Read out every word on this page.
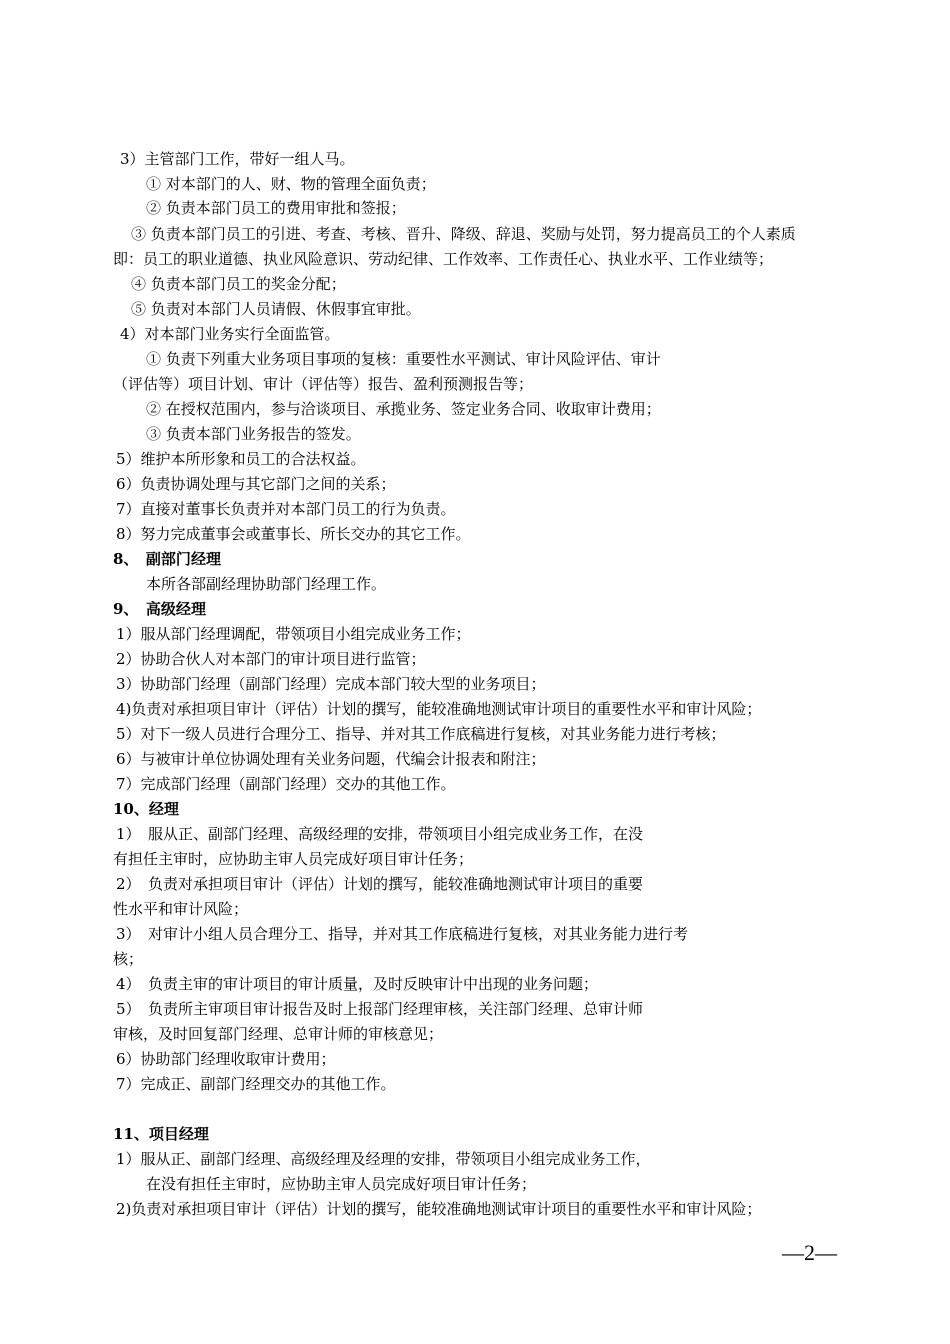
3）主管部门工作，带好一组人马。
① 对本部门的人、财、物的管理全面负责；
② 负责本部门员工的费用审批和签报；
③ 负责本部门员工的引进、考查、考核、晋升、降级、辞退、奖励与处罚，努力提高员工的个人素质
即：员工的职业道德、执业风险意识、劳动纪律、工作效率、工作责任心、执业水平、工作业绩等；
④ 负责本部门员工的奖金分配；
⑤ 负责对本部门人员请假、休假事宜审批。
4）对本部门业务实行全面监管。
① 负责下列重大业务项目事项的复核：重要性水平测试、审计风险评估、审计
（评估等）项目计划、审计（评估等）报告、盈利预测报告等；
② 在授权范围内，参与洽谈项目、承揽业务、签定业务合同、收取审计费用；
③ 负责本部门业务报告的签发。
5）维护本所形象和员工的合法权益。
6）负责协调处理与其它部门之间的关系；
7）直接对董事长负责并对本部门员工的行为负责。
8）努力完成董事会或董事长、所长交办的其它工作。
8、　副部门经理
本所各部副经理协助部门经理工作。
9、　高级经理
1）服从部门经理调配，带领项目小组完成业务工作；
2）协助合伙人对本部门的审计项目进行监管；
3）协助部门经理（副部门经理）完成本部门较大型的业务项目；
4)负责对承担项目审计（评估）计划的撰写，能较准确地测试审计项目的重要性水平和审计风险；
5）对下一级人员进行合理分工、指导、并对其工作底稿进行复核，对其业务能力进行考核；
6）与被审计单位协调处理有关业务问题，代编会计报表和附注；
7）完成部门经理（副部门经理）交办的其他工作。
10、经理
1）　服从正、副部门经理、高级经理的安排，带领项目小组完成业务工作，在没
有担任主审时，应协助主审人员完成好项目审计任务；
2）　负责对承担项目审计（评估）计划的撰写，能较准确地测试审计项目的重要
性水平和审计风险；
3）　对审计小组人员合理分工、指导，并对其工作底稿进行复核，对其业务能力进行考
核；
4）　负责主审的审计项目的审计质量，及时反映审计中出现的业务问题；
5）　负责所主审项目审计报告及时上报部门经理审核，关注部门经理、总审计师
审核，及时回复部门经理、总审计师的审核意见；
6）协助部门经理收取审计费用；
7）完成正、副部门经理交办的其他工作。
11、项目经理
1）服从正、副部门经理、高级经理及经理的安排，带领项目小组完成业务工作，
在没有担任主审时，应协助主审人员完成好项目审计任务；
2)负责对承担项目审计（评估）计划的撰写，能较准确地测试审计项目的重要性水平和审计风险；
—2—
